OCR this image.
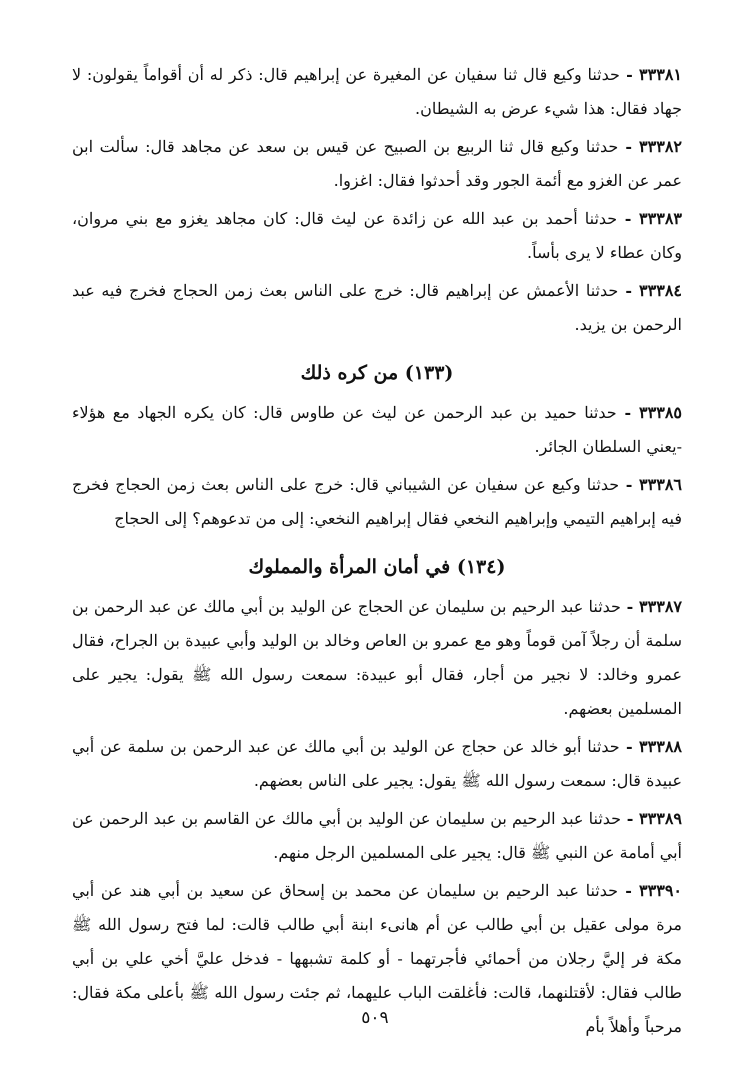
٣٣٣٨١ - حدثنا وكيع قال ثنا سفيان عن المغيرة عن إبراهيم قال: ذكر له أن أقواماً يقولون: لا جهاد فقال: هذا شيء عرض به الشيطان.

٣٣٣٨٢ - حدثنا وكيع قال ثنا الربيع بن الصبيح عن قيس بن سعد عن مجاهد قال: سألت ابن عمر عن الغزو مع أئمة الجور وقد أحدثوا فقال: اغزوا.

٣٣٣٨٣ - حدثنا أحمد بن عبد الله عن زائدة عن ليث قال: كان مجاهد يغزو مع بني مروان، وكان عطاء لا يرى بأساً.

٣٣٣٨٤ - حدثنا الأعمش عن إبراهيم قال: خرج على الناس بعث زمن الحجاج فخرج فيه عبد الرحمن بن يزيد.

(١٣٣) من كره ذلك

٣٣٣٨٥ - حدثنا حميد بن عبد الرحمن عن ليث عن طاوس قال: كان يكره الجهاد مع هؤلاء -يعني السلطان الجائر.

٣٣٣٨٦ - حدثنا وكيع عن سفيان عن الشيباني قال: خرج على الناس بعث زمن الحجاج فخرج فيه إبراهيم التيمي وإبراهيم النخعي فقال إبراهيم النخعي: إلى من تدعوهم؟ إلى الحجاج

(١٣٤) في أمان المرأة والمملوك

٣٣٣٨٧ - حدثنا عبد الرحيم بن سليمان عن الحجاج عن الوليد بن أبي مالك عن عبد الرحمن بن سلمة أن رجلاً آمن قوماً وهو مع عمرو بن العاص وخالد بن الوليد وأبي عبيدة بن الجراح، فقال عمرو وخالد: لا نجير من أجار، فقال أبو عبيدة: سمعت رسول الله ﷺ يقول: يجير على المسلمين بعضهم.

٣٣٣٨٨ - حدثنا أبو خالد عن حجاج عن الوليد بن أبي مالك عن عبد الرحمن بن سلمة عن أبي عبيدة قال: سمعت رسول الله ﷺ يقول: يجير على الناس بعضهم.

٣٣٣٨٩ - حدثنا عبد الرحيم بن سليمان عن الوليد بن أبي مالك عن القاسم بن عبد الرحمن عن أبي أمامة عن النبي ﷺ قال: يجير على المسلمين الرجل منهم.

٣٣٣٩٠ - حدثنا عبد الرحيم بن سليمان عن محمد بن إسحاق عن سعيد بن أبي هند عن أبي مرة مولى عقيل بن أبي طالب عن أم هانىء ابنة أبي طالب قالت: لما فتح رسول الله ﷺ مكة فر إليَّ رجلان من أحمائي فأجرتهما - أو كلمة تشبهها - فدخل عليَّ أخي علي بن أبي طالب فقال: لأقتلنهما، قالت: فأغلقت الباب عليهما، ثم جئت رسول الله ﷺ بأعلى مكة فقال: مرحباً وأهلاً بأم

٥٠٩
